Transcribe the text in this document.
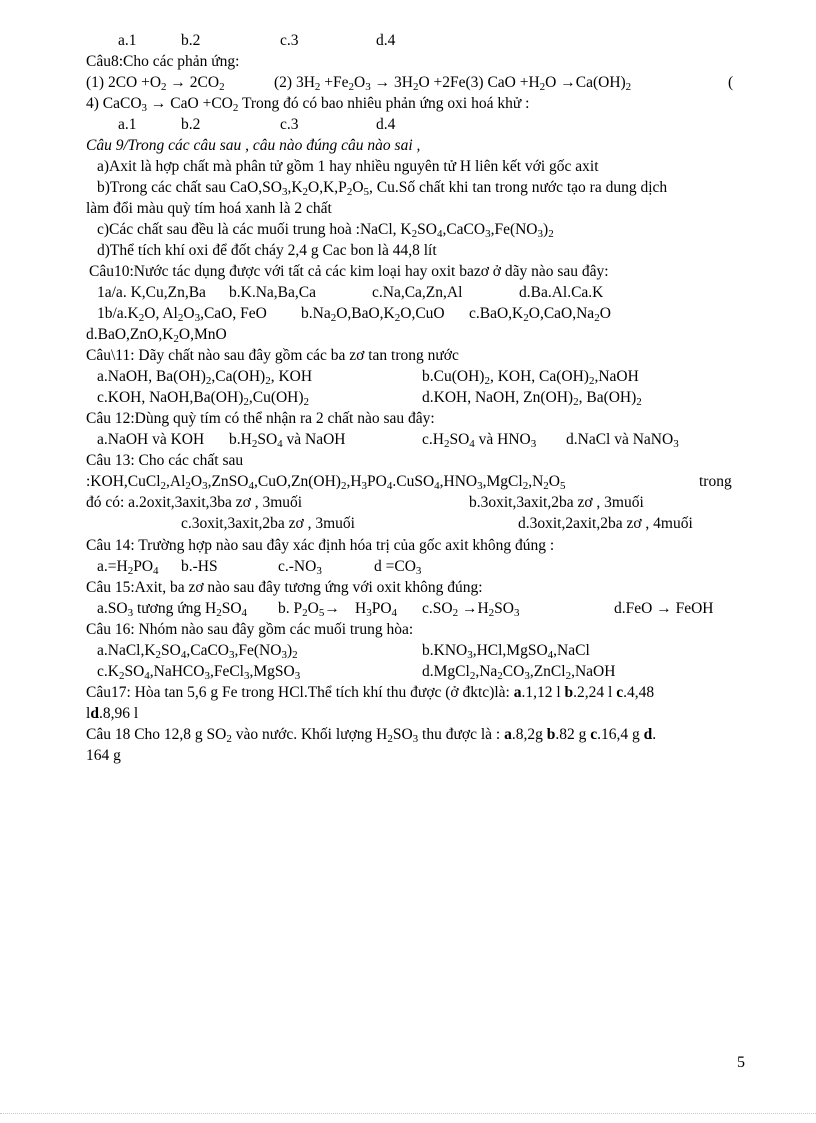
a.1	b.2	c.3	d.4
Câu8:Cho các phản ứng:
(1) $2CO +O_2 \to 2CO_2$	(2) $3H_2 +Fe_2O_3 \to 3H_2O +2Fe(3)$ CaO $+H_2O \to Ca(OH)_2$	(
4) CaCO$_3$ → CaO $+CO_2$ Trong đó có bao nhiêu phản ứng oxi hoá khử :
a.1	b.2	c.3	d.4
Câu 9/Trong các câu sau , câu nào đúng câu nào sai ,
a)Axit là hợp chất mà phân tử gồm 1 hay nhiều nguyên tử H liên kết với gốc axit
b)Trong các chất sau $CaO,SO_3,K_2O,K,P_2O_5$, Cu.Số chất khi tan trong nước tạo ra dung dịch
làm đổi màu quỳ tím hoá xanh là 2 chất
c)Các chất sau đều là các muối trung hoà :NaCl, $K_2SO_4,CaCO_3,Fe(NO_3)_2$
d)Thể tích khí oxi để đốt cháy 2,4 g Cac bon là 44,8 lít
Câu10:Nước tác dụng được với tất cả các kim loại hay oxit bazơ ở dãy nào sau đây:
1a/a. K,Cu,Zn,Ba b.K.Na,Ba,Ca	c.Na,Ca,Zn,Al	d.Ba.Al.Ca.K
$1b/a.K_2O$, $Al_2O_3,CaO$, FeO $b.Na_2O,BaO,K_2O,CuO$ $c.BaO,K_2O,CaO,Na_2O$
$d.BaO,ZnO,K_2O,MnO$
Câu\11: Dãy chất nào sau đây gồm các ba zơ tan trong nước
a.NaOH, $Ba(OH)_2,Ca(OH)_2$, KOH	$b.Cu(OH)_2$, KOH, $Ca(OH)_2,NaOH$
c.KOH, $NaOH,Ba(OH)_2,Cu(OH)_2$	d.KOH, NaOH, $Zn(OH)_2$, $Ba(OH)_2$
Câu 12:Dùng quỳ tím có thể nhận ra 2 chất nào sau đây:
a.NaOH và KOH $b.H_2SO_4$ và NaOH	$c.H_2SO_4$ và $HNO_3$ d.NaCl và NaNO$_3$
Câu 13: Cho các chất sau
$:KOH,CuCl_2,Al_2O_3,ZnSO_4,CuO,Zn(OH)_2,H_3PO_4.CuSO_4,HNO_3,MgCl_2,N_2O_5$	trong
đó có: a.2oxit,3axit,3ba zơ , 3muối	b.3oxit,3axit,2ba zơ , 3muối
c.3oxit,3axit,2ba zơ , 3muối	d.3oxit,2axit,2ba zơ , 4muối
Câu 14: Trường hợp nào sau đây xác định hóa trị của gốc axit không đúng :
$a.=H_2PO_4$ b.-HS	$c.-NO_3$	$d =CO_3$
Câu 15:Axit, ba zơ nào sau đây tương ứng với oxit không đúng:
$a.SO_3$ tương ứng $H_2SO_4$ b. $P_2O_5\to H_3PO_4$ $c.SO_2 \to H_2SO_3$	d.FeO → FeOH
Câu 16: Nhóm nào sau đây gồm các muối trung hòa:
$a.NaCl,K_2SO_4,CaCO_3,Fe(NO_3)_2$	$b.KNO_3,HCl,MgSO_4,NaCl$
$c.K_2SO_4,NaHCO_3,FeCl_3,MgSO_3$	$d.MgCl_2,Na_2CO_3,ZnCl_2,NaOH$
Câu17: Hòa tan 5,6 g Fe trong HCl.Thể tích khí thu được (ở đktc)là: a.1,12 l b.2,24 l c.4,48
ld.8,96 l
Câu 18 Cho 12,8 g $SO_2$ vào nước. Khối lượng $H_2SO_3$ thu được là : a.8,2g b.82 g c.16,4 g d.
164 g
5
